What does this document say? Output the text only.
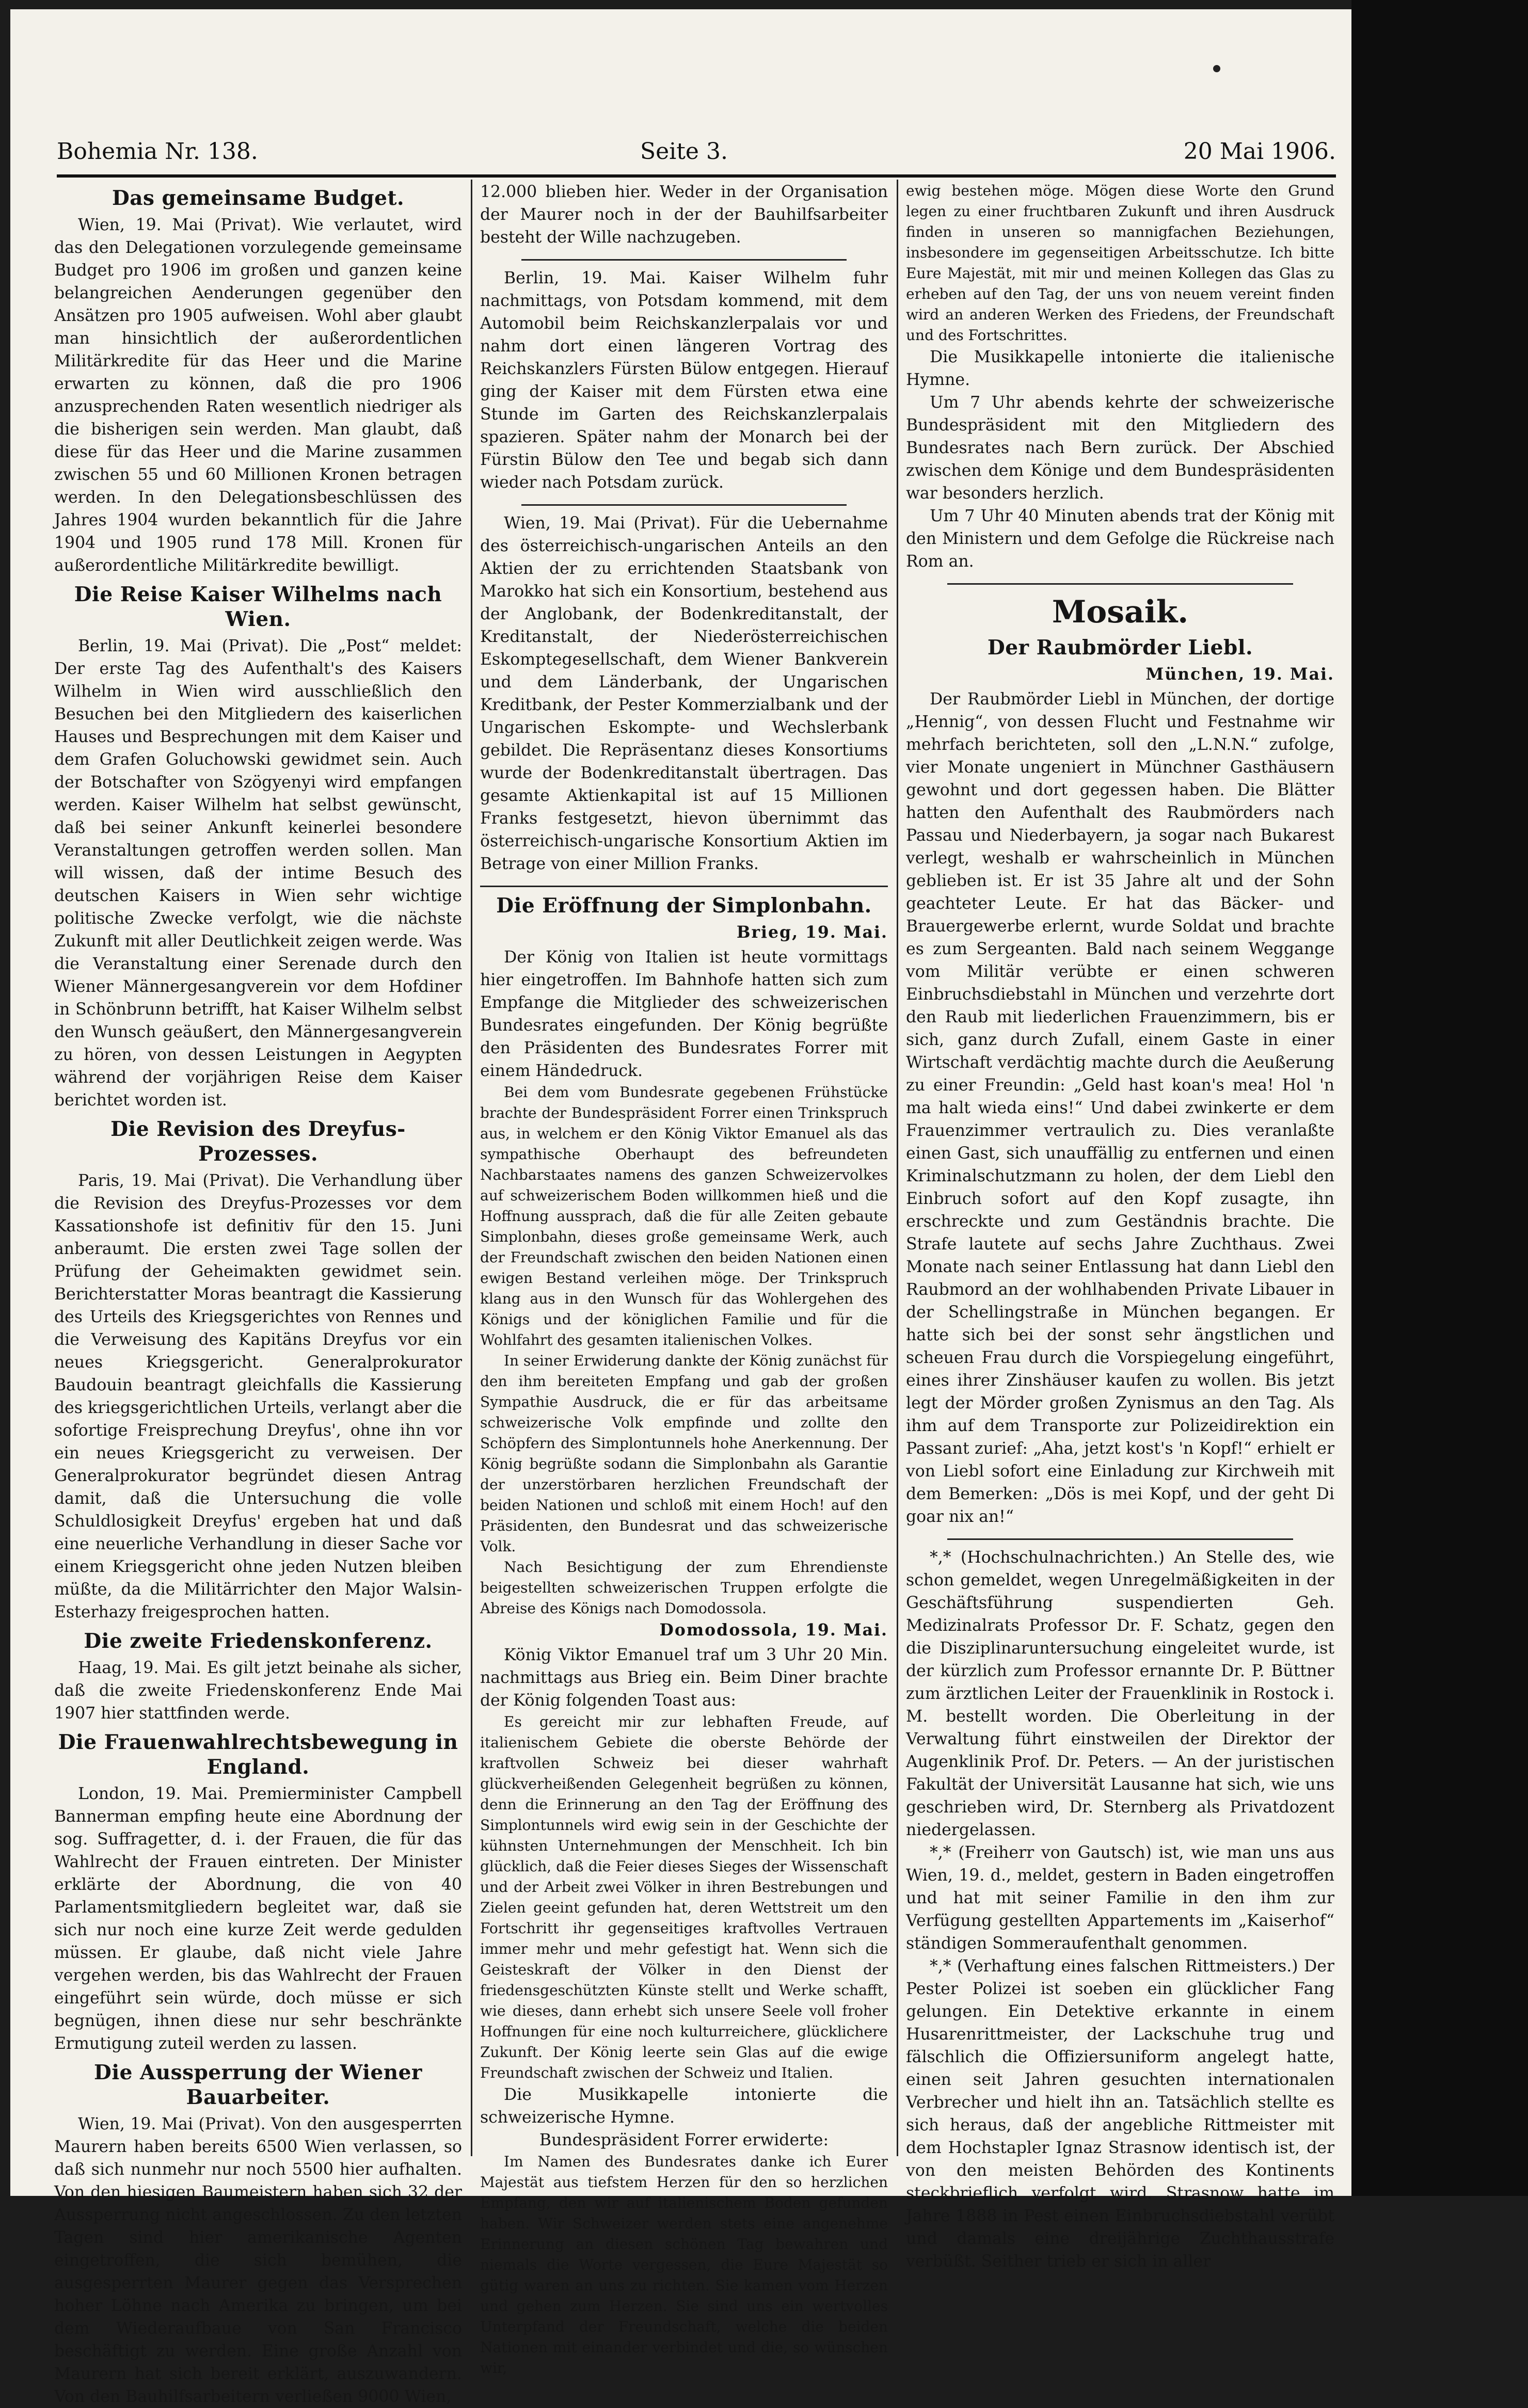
Bohemia Nr. 138.	Seite 3.	20 Mai 1906.
Das gemeinsame Budget.

Wien, 19. Mai (Privat). Wie verlautet, wird das den Delegationen vorzulegende gemeinsame Budget pro 1906 im großen und ganzen keine belangreichen Aenderungen gegenüber den Ansätzen pro 1905 aufweisen. Wohl aber glaubt man hinsichtlich der außerordentlichen Militärkredite für das Heer und die Marine erwarten zu können, daß die pro 1906 anzusprechenden Raten wesentlich niedriger als die bisherigen sein werden. Man glaubt, daß diese für das Heer und die Marine zusammen zwischen 55 und 60 Millionen Kronen betragen werden. In den Delegationsbeschlüssen des Jahres 1904 wurden bekanntlich für die Jahre 1904 und 1905 rund 178 Mill. Kronen für außerordentliche Militärkredite bewilligt.

Die Reise Kaiser Wilhelms nach Wien.

Berlin, 19. Mai (Privat). Die „Post“ meldet: Der erste Tag des Aufenthalt's des Kaisers Wilhelm in Wien wird ausschließlich den Besuchen bei den Mitgliedern des kaiserlichen Hauses und Besprechungen mit dem Kaiser und dem Grafen Goluchowski gewidmet sein. Auch der Botschafter von Szögyenyi wird empfangen werden. Kaiser Wilhelm hat selbst gewünscht, daß bei seiner Ankunft keinerlei besondere Veranstaltungen getroffen werden sollen. Man will wissen, daß der intime Besuch des deutschen Kaisers in Wien sehr wichtige politische Zwecke verfolgt, wie die nächste Zukunft mit aller Deutlichkeit zeigen werde. Was die Veranstaltung einer Serenade durch den Wiener Männergesangverein vor dem Hofdiner in Schönbrunn betrifft, hat Kaiser Wilhelm selbst den Wunsch geäußert, den Männergesangverein zu hören, von dessen Leistungen in Aegypten während der vorjährigen Reise dem Kaiser berichtet worden ist.

Die Revision des Dreyfus-Prozesses.

Paris, 19. Mai (Privat). Die Verhandlung über die Revision des Dreyfus-Prozesses vor dem Kassationshofe ist definitiv für den 15. Juni anberaumt. Die ersten zwei Tage sollen der Prüfung der Geheimakten gewidmet sein. Berichterstatter Moras beantragt die Kassierung des Urteils des Kriegsgerichtes von Rennes und die Verweisung des Kapitäns Dreyfus vor ein neues Kriegsgericht. Generalprokurator Baudouin beantragt gleichfalls die Kassierung des kriegsgerichtlichen Urteils, verlangt aber die sofortige Freisprechung Dreyfus', ohne ihn vor ein neues Kriegsgericht zu verweisen. Der Generalprokurator begründet diesen Antrag damit, daß die Untersuchung die volle Schuldlosigkeit Dreyfus' ergeben hat und daß eine neuerliche Verhandlung in dieser Sache vor einem Kriegsgericht ohne jeden Nutzen bleiben müßte, da die Militärrichter den Major Walsin-Esterhazy freigesprochen hatten.

Die zweite Friedenskonferenz.

Haag, 19. Mai. Es gilt jetzt beinahe als sicher, daß die zweite Friedenskonferenz Ende Mai 1907 hier stattfinden werde.

Die Frauenwahlrechtsbewegung in England.

London, 19. Mai. Premierminister Campbell Bannerman empfing heute eine Abordnung der sog. Suffragetter, d. i. der Frauen, die für das Wahlrecht der Frauen eintreten. Der Minister erklärte der Abordnung, die von 40 Parlamentsmitgliedern begleitet war, daß sie sich nur noch eine kurze Zeit werde gedulden müssen. Er glaube, daß nicht viele Jahre vergehen werden, bis das Wahlrecht der Frauen eingeführt sein würde, doch müsse er sich begnügen, ihnen diese nur sehr beschränkte Ermutigung zuteil werden zu lassen.

Die Aussperrung der Wiener Bauarbeiter.

Wien, 19. Mai (Privat). Von den ausgesperrten Maurern haben bereits 6500 Wien verlassen, so daß sich nunmehr nur noch 5500 hier aufhalten. Von den hiesigen Baumeistern haben sich 32 der Aussperrung nicht angeschlossen. Zu den letzten Tagen sind hier amerikanische Agenten eingetroffen, die sich bemühen, die ausgesperrten Maurer gegen das Versprechen hoher Löhne nach Amerika zu bringen, um bei dem Wiederaufbaue von San Francisco beschäftigt zu werden. Eine große Anzahl von Maurern hat sich bereit erklärt, auszuwandern. Von den Bauhilfsarbeitern verließen 9000 Wien,

12.000 blieben hier. Weder in der Organisation der Maurer noch in der der Bauhilfsarbeiter besteht der Wille nachzugeben.

Berlin, 19. Mai. Kaiser Wilhelm fuhr nachmittags, von Potsdam kommend, mit dem Automobil beim Reichskanzlerpalais vor und nahm dort einen längeren Vortrag des Reichskanzlers Fürsten Bülow entgegen. Hierauf ging der Kaiser mit dem Fürsten etwa eine Stunde im Garten des Reichskanzlerpalais spazieren. Später nahm der Monarch bei der Fürstin Bülow den Tee und begab sich dann wieder nach Potsdam zurück.

Wien, 19. Mai (Privat). Für die Uebernahme des österreichisch-ungarischen Anteils an den Aktien der zu errichtenden Staatsbank von Marokko hat sich ein Konsortium, bestehend aus der Anglobank, der Bodenkreditanstalt, der Kreditanstalt, der Niederösterreichischen Eskomptegesellschaft, dem Wiener Bankverein und dem Länderbank, der Ungarischen Kreditbank, der Pester Kommerzialbank und der Ungarischen Eskompte- und Wechslerbank gebildet. Die Repräsentanz dieses Konsortiums wurde der Bodenkreditanstalt übertragen. Das gesamte Aktienkapital ist auf 15 Millionen Franks festgesetzt, hievon übernimmt das österreichisch-ungarische Konsortium Aktien im Betrage von einer Million Franks.

Die Eröffnung der Simplonbahn.

Brieg, 19. Mai.

Der König von Italien ist heute vormittags hier eingetroffen. Im Bahnhofe hatten sich zum Empfange die Mitglieder des schweizerischen Bundesrates eingefunden. Der König begrüßte den Präsidenten des Bundesrates Forrer mit einem Händedruck.

Bei dem vom Bundesrate gegebenen Frühstücke brachte der Bundespräsident Forrer einen Trinkspruch aus, in welchem er den König Viktor Emanuel als das sympathische Oberhaupt des befreundeten Nachbarstaates namens des ganzen Schweizervolkes auf schweizerischem Boden willkommen hieß und die Hoffnung aussprach, daß die für alle Zeiten gebaute Simplonbahn, dieses große gemeinsame Werk, auch der Freundschaft zwischen den beiden Nationen einen ewigen Bestand verleihen möge. Der Trinkspruch klang aus in den Wunsch für das Wohlergehen des Königs und der königlichen Familie und für die Wohlfahrt des gesamten italienischen Volkes.

In seiner Erwiderung dankte der König zunächst für den ihm bereiteten Empfang und gab der großen Sympathie Ausdruck, die er für das arbeitsame schweizerische Volk empfinde und zollte den Schöpfern des Simplontunnels hohe Anerkennung. Der König begrüßte sodann die Simplonbahn als Garantie der unzerstörbaren herzlichen Freundschaft der beiden Nationen und schloß mit einem Hoch! auf den Präsidenten, den Bundesrat und das schweizerische Volk.

Nach Besichtigung der zum Ehrendienste beigestellten schweizerischen Truppen erfolgte die Abreise des Königs nach Domodossola.

Domodossola, 19. Mai.

König Viktor Emanuel traf um 3 Uhr 20 Min. nachmittags aus Brieg ein. Beim Diner brachte der König folgenden Toast aus:

Es gereicht mir zur lebhaften Freude, auf italienischem Gebiete die oberste Behörde der kraftvollen Schweiz bei dieser wahrhaft glückverheißenden Gelegenheit begrüßen zu können, denn die Erinnerung an den Tag der Eröffnung des Simplontunnels wird ewig sein in der Geschichte der kühnsten Unternehmungen der Menschheit. Ich bin glücklich, daß die Feier dieses Sieges der Wissenschaft und der Arbeit zwei Völker in ihren Bestrebungen und Zielen geeint gefunden hat, deren Wettstreit um den Fortschritt ihr gegenseitiges kraftvolles Vertrauen immer mehr und mehr gefestigt hat. Wenn sich die Geisteskraft der Völker in den Dienst der friedensgeschützten Künste stellt und Werke schafft, wie dieses, dann erhebt sich unsere Seele voll froher Hoffnungen für eine noch kulturreichere, glücklichere Zukunft. Der König leerte sein Glas auf die ewige Freundschaft zwischen der Schweiz und Italien.

Die Musikkapelle intonierte die schweizerische Hymne.

Bundespräsident Forrer erwiderte:

Im Namen des Bundesrates danke ich Eurer Majestät aus tiefstem Herzen für den so herzlichen Empfang, den wir auf italienischem Boden gefunden haben. Wir Schweizer werden stets eine angenehme Erinnerung an diesen schönen Tag bewahren und niemals die Worte vergessen, die Eure Majestät so gütig waren an uns zu richten. Sie kamen vom Herzen und gehen zum Herzen. Sie sind uns ein wertvolles Unterpfand der Freundschaft, welche die beiden Nationen mit einander verbindet und die, so wünschen wir,

ewig bestehen möge. Mögen diese Worte den Grund legen zu einer fruchtbaren Zukunft und ihren Ausdruck finden in unseren so mannigfachen Beziehungen, insbesondere im gegenseitigen Arbeitsschutze. Ich bitte Eure Majestät, mit mir und meinen Kollegen das Glas zu erheben auf den Tag, der uns von neuem vereint finden wird an anderen Werken des Friedens, der Freundschaft und des Fortschrittes.

Die Musikkapelle intonierte die italienische Hymne.

Um 7 Uhr abends kehrte der schweizerische Bundespräsident mit den Mitgliedern des Bundesrates nach Bern zurück. Der Abschied zwischen dem Könige und dem Bundespräsidenten war besonders herzlich.

Um 7 Uhr 40 Minuten abends trat der König mit den Ministern und dem Gefolge die Rückreise nach Rom an.

Mosaik.
Der Raubmörder Liebl.

München, 19. Mai.

Der Raubmörder Liebl in München, der dortige „Hennig“, von dessen Flucht und Festnahme wir mehrfach berichteten, soll den „L.N.N.“ zufolge, vier Monate ungeniert in Münchner Gasthäusern gewohnt und dort gegessen haben. Die Blätter hatten den Aufenthalt des Raubmörders nach Passau und Niederbayern, ja sogar nach Bukarest verlegt, weshalb er wahrscheinlich in München geblieben ist. Er ist 35 Jahre alt und der Sohn geachteter Leute. Er hat das Bäcker- und Brauergewerbe erlernt, wurde Soldat und brachte es zum Sergeanten. Bald nach seinem Weggange vom Militär verübte er einen schweren Einbruchsdiebstahl in München und verzehrte dort den Raub mit liederlichen Frauenzimmern, bis er sich, ganz durch Zufall, einem Gaste in einer Wirtschaft verdächtig machte durch die Aeußerung zu einer Freundin: „Geld hast koan's mea! Hol 'n ma halt wieda eins!“ Und dabei zwinkerte er dem Frauenzimmer vertraulich zu. Dies veranlaßte einen Gast, sich unauffällig zu entfernen und einen Kriminalschutzmann zu holen, der dem Liebl den Einbruch sofort auf den Kopf zusagte, ihn erschreckte und zum Geständnis brachte. Die Strafe lautete auf sechs Jahre Zuchthaus. Zwei Monate nach seiner Entlassung hat dann Liebl den Raubmord an der wohlhabenden Private Libauer in der Schellingstraße in München begangen. Er hatte sich bei der sonst sehr ängstlichen und scheuen Frau durch die Vorspiegelung eingeführt, eines ihrer Zinshäuser kaufen zu wollen. Bis jetzt legt der Mörder großen Zynismus an den Tag. Als ihm auf dem Transporte zur Polizeidirektion ein Passant zurief: „Aha, jetzt kost's 'n Kopf!“ erhielt er von Liebl sofort eine Einladung zur Kirchweih mit dem Bemerken: „Dös is mei Kopf, und der geht Di goar nix an!“

*,* (Hochschulnachrichten.) An Stelle des, wie schon gemeldet, wegen Unregelmäßigkeiten in der Geschäftsführung suspendierten Geh. Medizinalrats Professor Dr. F. Schatz, gegen den die Disziplinaruntersuchung eingeleitet wurde, ist der kürzlich zum Professor ernannte Dr. P. Büttner zum ärztlichen Leiter der Frauenklinik in Rostock i. M. bestellt worden. Die Oberleitung in der Verwaltung führt einstweilen der Direktor der Augenklinik Prof. Dr. Peters. — An der juristischen Fakultät der Universität Lausanne hat sich, wie uns geschrieben wird, Dr. Sternberg als Privatdozent niedergelassen.

*,* (Freiherr von Gautsch) ist, wie man uns aus Wien, 19. d., meldet, gestern in Baden eingetroffen und hat mit seiner Familie in den ihm zur Verfügung gestellten Appartements im „Kaiserhof“ ständigen Sommeraufenthalt genommen.

*,* (Verhaftung eines falschen Rittmeisters.) Der Pester Polizei ist soeben ein glücklicher Fang gelungen. Ein Detektive erkannte in einem Husarenrittmeister, der Lackschuhe trug und fälschlich die Offiziersuniform angelegt hatte, einen seit Jahren gesuchten internationalen Verbrecher und hielt ihn an. Tatsächlich stellte es sich heraus, daß der angebliche Rittmeister mit dem Hochstapler Ignaz Strasnow identisch ist, der von den meisten Behörden des Kontinents steckbrieflich verfolgt wird. Strasnow hatte im Jahre 1888 in Pest einen Einbruchsdiebstahl verübt und damals eine dreijährige Zuchthausstrafe verbüßt. Seither trieb er sich in aller
